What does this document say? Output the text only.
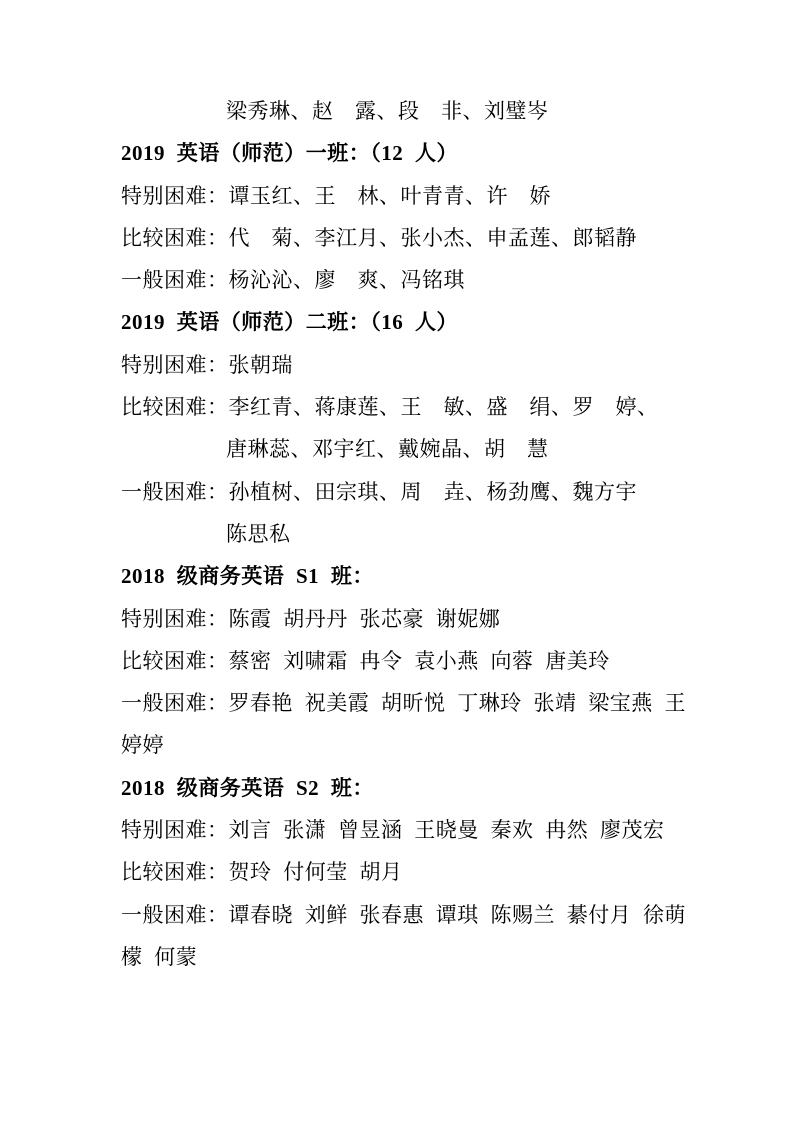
梁秀琳、赵　露、段　非、刘璧岑
2019 英语（师范）一班：（12 人）
特别困难：谭玉红、王　林、叶青青、许　娇
比较困难：代　菊、李江月、张小杰、申孟莲、郎韬静
一般困难：杨沁沁、廖　爽、冯铭琪
2019 英语（师范）二班：（16 人）
特别困难：张朝瑞
比较困难：李红青、蒋康莲、王　敏、盛　绢、罗　婷、
唐琳蕊、邓宇红、戴婉晶、胡　慧
一般困难：孙植树、田宗琪、周　垚、杨劲鹰、魏方宇
陈思私
2018 级商务英语 S1 班：
特别困难：陈霞 胡丹丹 张芯豪 谢妮娜
比较困难：蔡密 刘啸霜 冉令 袁小燕 向蓉 唐美玲
一般困难：罗春艳 祝美霞 胡昕悦 丁琳玲 张靖 梁宝燕 王
婷婷
2018 级商务英语 S2 班：
特别困难：刘言 张潇 曾昱涵 王晓曼 秦欢 冉然 廖茂宏
比较困难：贺玲 付何莹 胡月
一般困难：谭春晓 刘鲜 张春惠 谭琪 陈赐兰 綦付月 徐萌
檬 何蒙
